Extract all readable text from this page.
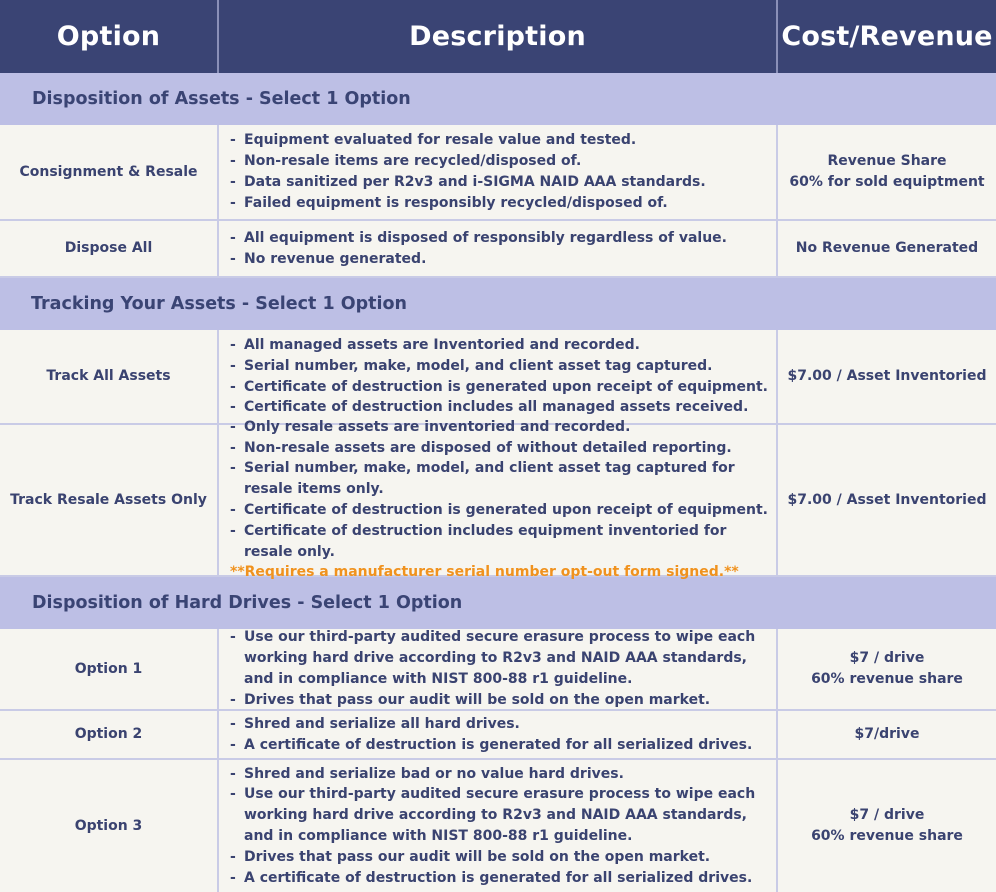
Option	Description	Cost/Revenue
Disposition of Assets - Select 1 Option
Consignment & Resale
- Equipment evaluated for resale value and tested.
- Non-resale items are recycled/disposed of.
- Data sanitized per R2v3 and i-SIGMA NAID AAA standards.
- Failed equipment is responsibly recycled/disposed of.
Revenue Share
60% for sold equiptment
Dispose All
- All equipment is disposed of responsibly regardless of value.
- No revenue generated.
No Revenue Generated
Tracking Your Assets - Select 1 Option
Track All Assets
- All managed assets are Inventoried and recorded.
- Serial number, make, model, and client asset tag captured.
- Certificate of destruction is generated upon receipt of equipment.
- Certificate of destruction includes all managed assets received.
$7.00 / Asset Inventoried
Track Resale Assets Only
- Only resale assets are inventoried and recorded.
- Non-resale assets are disposed of without detailed reporting.
- Serial number, make, model, and client asset tag captured for resale items only.
- Certificate of destruction is generated upon receipt of equipment.
- Certificate of destruction includes equipment inventoried for resale only.
**Requires a manufacturer serial number opt-out form signed.**
$7.00 / Asset Inventoried
Disposition of Hard Drives - Select 1 Option
Option 1
- Use our third-party audited secure erasure process to wipe each working hard drive according to R2v3 and NAID AAA standards, and in compliance with NIST 800-88 r1 guideline.
- Drives that pass our audit will be sold on the open market.
$7 / drive
60% revenue share
Option 2
- Shred and serialize all hard drives.
- A certificate of destruction is generated for all serialized drives.
$7/drive
Option 3
- Shred and serialize bad or no value hard drives.
- Use our third-party audited secure erasure process to wipe each working hard drive according to R2v3 and NAID AAA standards, and in compliance with NIST 800-88 r1 guideline.
- Drives that pass our audit will be sold on the open market.
- A certificate of destruction is generated for all serialized drives.
$7 / drive
60% revenue share
